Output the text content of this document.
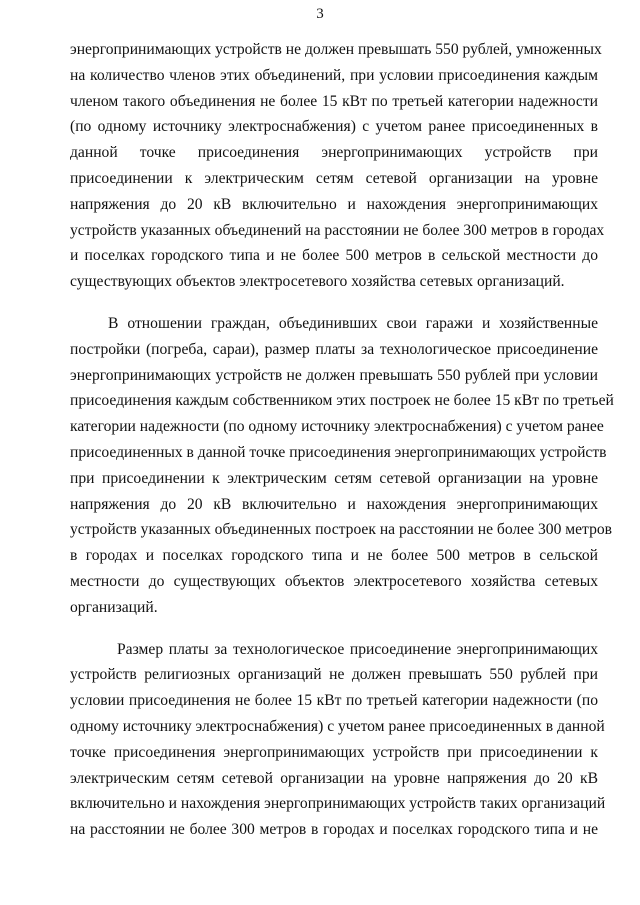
3
энергопринимающих устройств не должен превышать 550 рублей, умноженных
на количество членов этих объединений, при условии присоединения каждым
членом такого объединения не более 15 кВт по третьей категории надежности
(по одному источнику электроснабжения) с учетом ранее присоединенных в
данной точке присоединения энергопринимающих устройств при
присоединении к электрическим сетям сетевой организации на уровне
напряжения до 20 кВ включительно и нахождения энергопринимающих
устройств указанных объединений на расстоянии не более 300 метров в городах
и поселках городского типа и не более 500 метров в сельской местности до
существующих объектов электросетевого хозяйства сетевых организаций.
В отношении граждан, объединивших свои гаражи и хозяйственные
постройки (погреба, сараи), размер платы за технологическое присоединение
энергопринимающих устройств не должен превышать 550 рублей при условии
присоединения каждым собственником этих построек не более 15 кВт по третьей
категории надежности (по одному источнику электроснабжения) с учетом ранее
присоединенных в данной точке присоединения энергопринимающих устройств
при присоединении к электрическим сетям сетевой организации на уровне
напряжения до 20 кВ включительно и нахождения энергопринимающих
устройств указанных объединенных построек на расстоянии не более 300 метров
в городах и поселках городского типа и не более 500 метров в сельской
местности до существующих объектов электросетевого хозяйства сетевых
организаций.
Размер платы за технологическое присоединение энергопринимающих
устройств религиозных организаций не должен превышать 550 рублей при
условии присоединения не более 15 кВт по третьей категории надежности (по
одному источнику электроснабжения) с учетом ранее присоединенных в данной
точке присоединения энергопринимающих устройств при присоединении к
электрическим сетям сетевой организации на уровне напряжения до 20 кВ
включительно и нахождения энергопринимающих устройств таких организаций
на расстоянии не более 300 метров в городах и поселках городского типа и не
